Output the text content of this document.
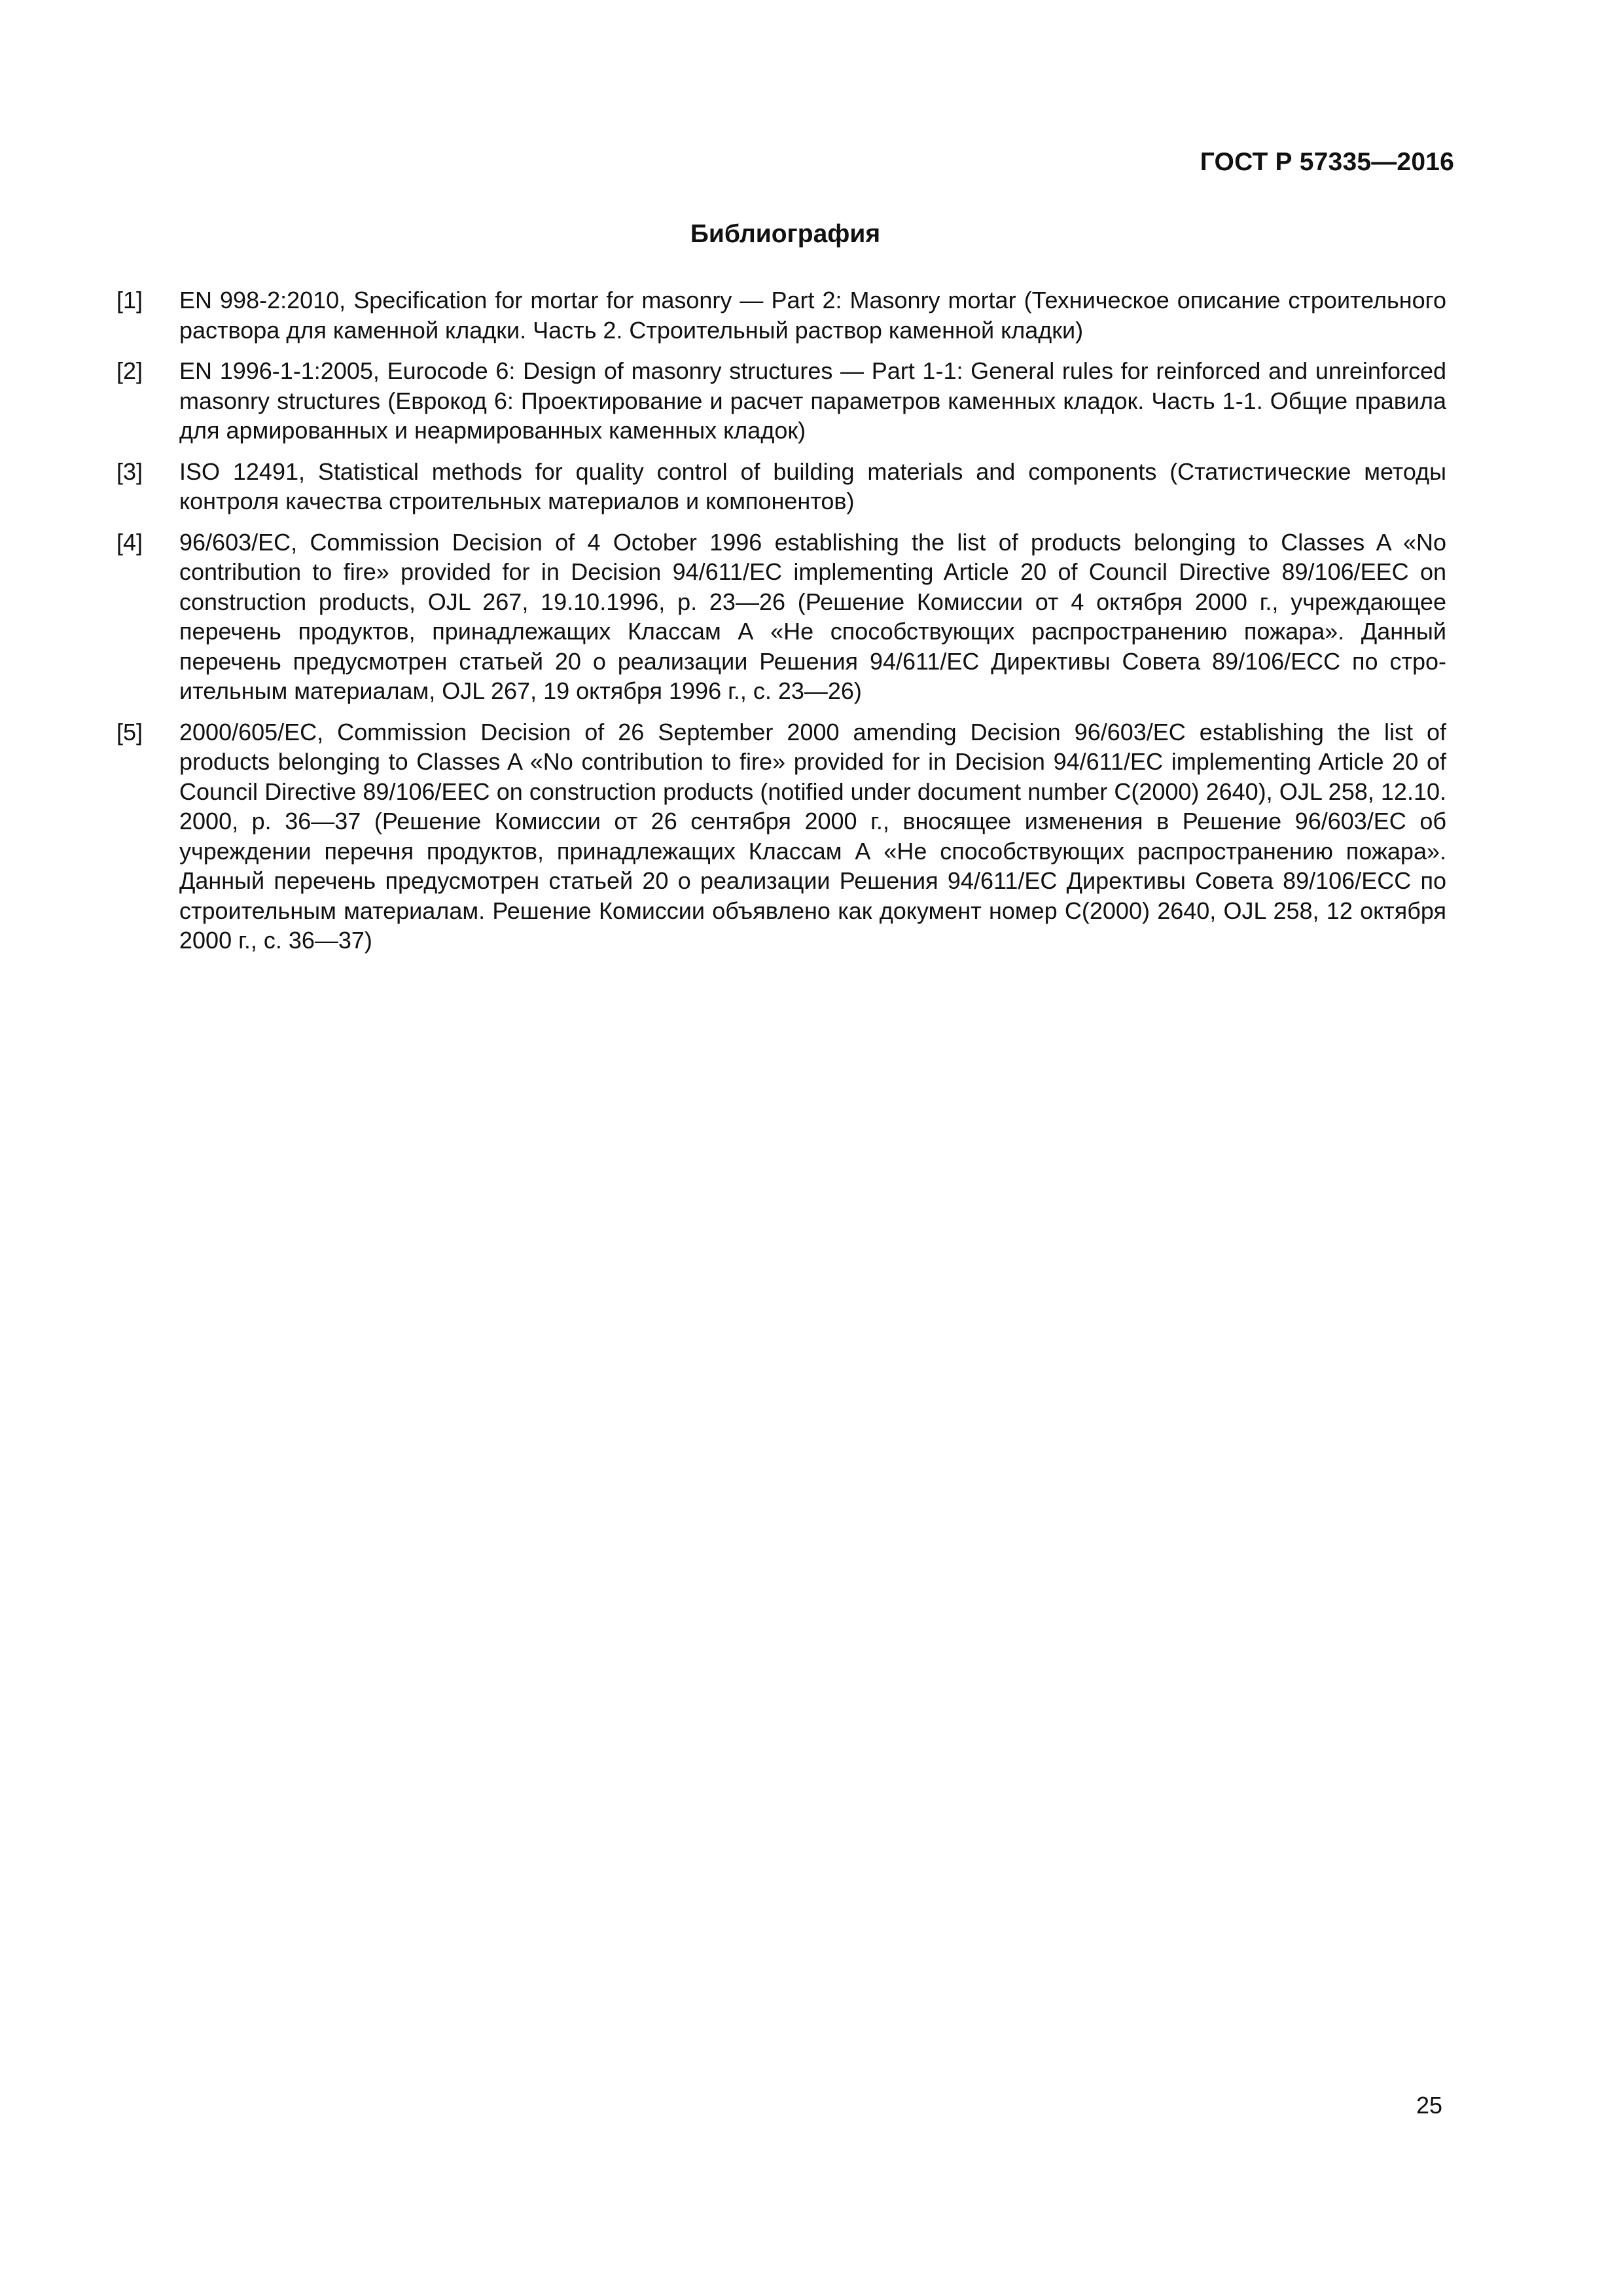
ГОСТ Р 57335—2016
Библиография
[1]	EN 998-2:2010, Specification for mortar for masonry — Part 2: Masonry mortar (Техническое описание строительного раствора для каменной кладки. Часть 2. Строительный раствор каменной кладки)
[2]	EN 1996-1-1:2005, Eurocode 6: Design of masonry structures — Part 1-1: General rules for reinforced and unreinforced masonry structures (Еврокод 6: Проектирование и расчет параметров каменных кладок. Часть 1-1. Общие правила для армированных и неармированных каменных кладок)
[3]	ISO 12491, Statistical methods for quality control of building materials and components (Статистические методы контроля качества строительных материалов и компонентов)
[4]	96/603/EC, Commission Decision of 4 October 1996 establishing the list of products belonging to Classes A «No contribution to fire» provided for in Decision 94/611/EC implementing Article 20 of Council Directive 89/106/EEC on construction products, OJL 267, 19.10.1996, p. 23—26 (Решение Комиссии от 4 октября 2000 г., учреждающее перечень продуктов, принадлежащих Классам А «Не способствующих распространению пожара». Данный перечень предусмотрен статьей 20 о реализации Решения 94/611/EC Директивы Совета 89/106/ЕСС по строительным материалам, OJL 267, 19 октября 1996 г., с. 23—26)
[5]	2000/605/EC, Commission Decision of 26 September 2000 amending Decision 96/603/EC establishing the list of products belonging to Classes A «No contribution to fire» provided for in Decision 94/611/EC implementing Article 20 of Council Directive 89/106/EEC on construction products (notified under document number C(2000) 2640), OJL 258, 12.10. 2000, p. 36—37 (Решение Комиссии от 26 сентября 2000 г., вносящее изменения в Решение 96/603/EC об учреждении перечня продуктов, принадлежащих Классам А «Не способствующих распространению пожара». Данный перечень предусмотрен статьей 20 о реализации Решения 94/611/EC Директивы Совета 89/106/ЕСС по строительным материалам. Решение Комиссии объявлено как документ номер C(2000) 2640, OJL 258, 12 октября 2000 г., с. 36—37)
25
